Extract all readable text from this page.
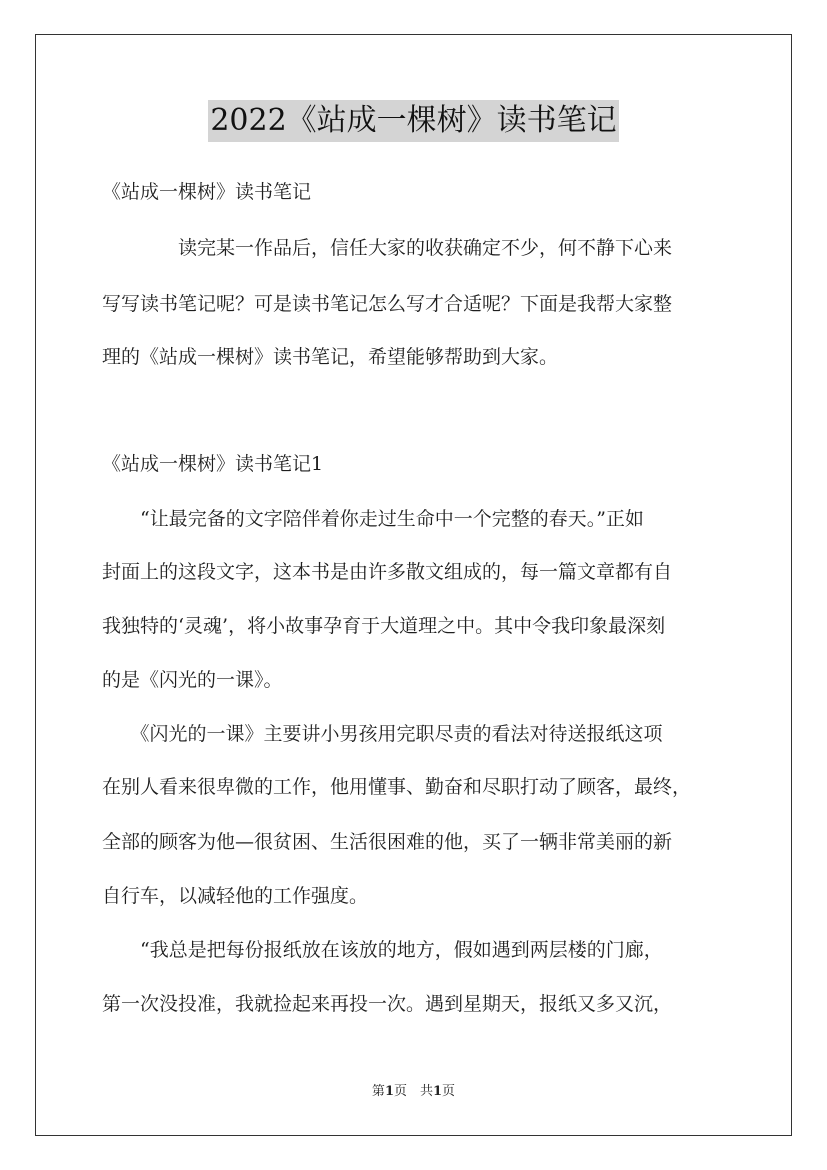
2022《站成一棵树》读书笔记
《站成一棵树》读书笔记
　　　　读完某一作品后，信任大家的收获确定不少，何不静下心来
写写读书笔记呢？可是读书笔记怎么写才合适呢？下面是我帮大家整
理的《站成一棵树》读书笔记，希望能够帮助到大家。
《站成一棵树》读书笔记1
　　“让最完备的文字陪伴着你走过生命中一个完整的春天。”正如
封面上的这段文字，这本书是由许多散文组成的，每一篇文章都有自
我独特的‘灵魂’，将小故事孕育于大道理之中。其中令我印象最深刻
的是《闪光的一课》。
　　《闪光的一课》主要讲小男孩用完职尽责的看法对待送报纸这项
在别人看来很卑微的工作，他用懂事、勤奋和尽职打动了顾客，最终，
全部的顾客为他—很贫困、生活很困难的他，买了一辆非常美丽的新
自行车，以减轻他的工作强度。
　　“我总是把每份报纸放在该放的地方，假如遇到两层楼的门廊，
第一次没投准，我就捡起来再投一次。遇到星期天，报纸又多又沉，
第1页　共1页
